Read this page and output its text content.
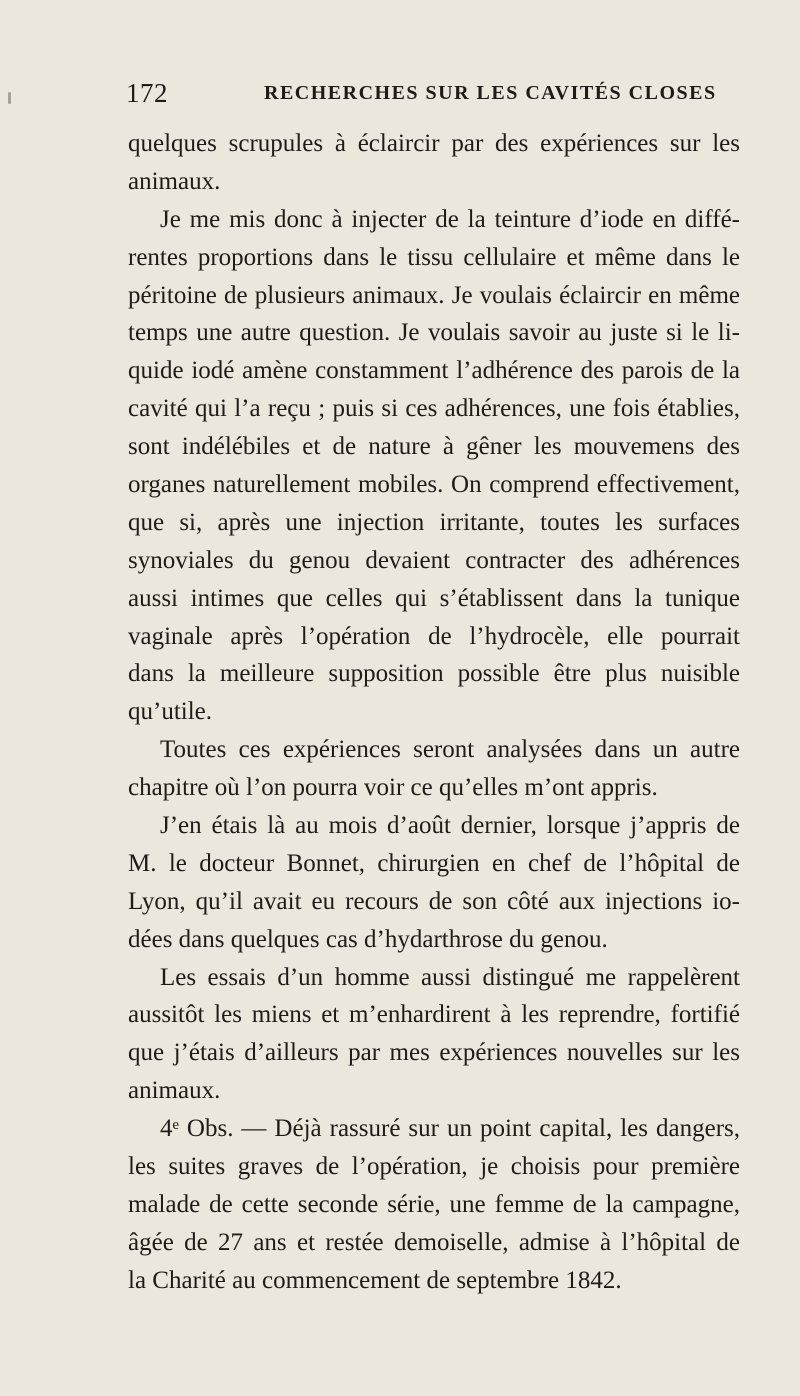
172	RECHERCHES SUR LES CAVITÉS CLOSES
quelques scrupules à éclaircir par des expériences sur les
animaux.
Je me mis donc à injecter de la teinture d’iode en diffé-
rentes proportions dans le tissu cellulaire et même dans le
péritoine de plusieurs animaux. Je voulais éclaircir en même
temps une autre question. Je voulais savoir au juste si le li-
quide iodé amène constamment l’adhérence des parois de la
cavité qui l’a reçu ; puis si ces adhérences, une fois établies,
sont indélébiles et de nature à gêner les mouvemens des
organes naturellement mobiles. On comprend effectivement,
que si, après une injection irritante, toutes les surfaces
synoviales du genou devaient contracter des adhérences
aussi intimes que celles qui s’établissent dans la tunique
vaginale après l’opération de l’hydrocèle, elle pourrait
dans la meilleure supposition possible être plus nuisible
qu’utile.
Toutes ces expériences seront analysées dans un autre
chapitre où l’on pourra voir ce qu’elles m’ont appris.
J’en étais là au mois d’août dernier, lorsque j’appris de
M. le docteur Bonnet, chirurgien en chef de l’hôpital de
Lyon, qu’il avait eu recours de son côté aux injections io-
dées dans quelques cas d’hydarthrose du genou.
Les essais d’un homme aussi distingué me rappelèrent
aussitôt les miens et m’enhardirent à les reprendre, fortifié
que j’étais d’ailleurs par mes expériences nouvelles sur les
animaux.
4ᵉ Obs. — Déjà rassuré sur un point capital, les dangers,
les suites graves de l’opération, je choisis pour première
malade de cette seconde série, une femme de la campagne,
âgée de 27 ans et restée demoiselle, admise à l’hôpital de
la Charité au commencement de septembre 1842.
